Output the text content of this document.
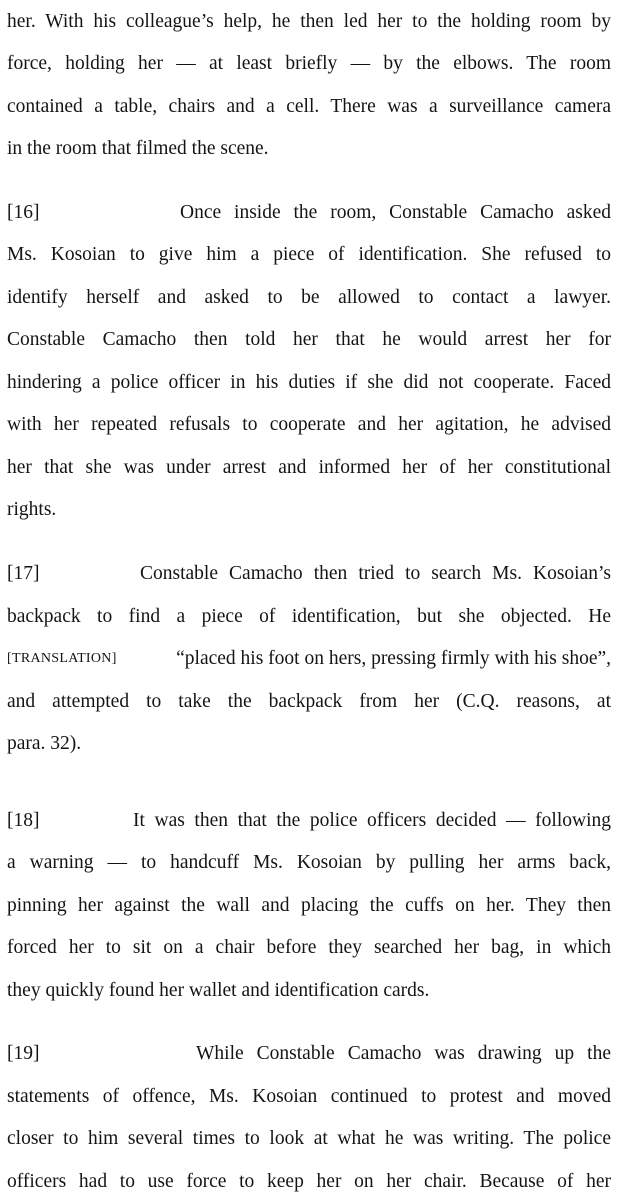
her. With his colleague’s help, he then led her to the holding room by
force, holding her — at least briefly — by the elbows. The room
contained a table, chairs and a cell. There was a surveillance camera
in the room that filmed the scene.
[16]	Once inside the room, Constable Camacho asked
Ms. Kosoian to give him a piece of identification. She refused to
identify herself and asked to be allowed to contact a lawyer.
Constable Camacho then told her that he would arrest her for
hindering a police officer in his duties if she did not cooperate. Faced
with her repeated refusals to cooperate and her agitation, he advised
her that she was under arrest and informed her of her constitutional
rights.
[17]	Constable Camacho then tried to search Ms. Kosoian’s
backpack to find a piece of identification, but she objected. He
[TRANSLATION]	“placed his foot on hers, pressing firmly with his shoe”,
and attempted to take the backpack from her (C.Q. reasons, at
para. 32).
[18]	It was then that the police officers decided — following
a warning — to handcuff Ms. Kosoian by pulling her arms back,
pinning her against the wall and placing the cuffs on her. They then
forced her to sit on a chair before they searched her bag, in which
they quickly found her wallet and identification cards.
[19]	While Constable Camacho was drawing up the
statements of offence, Ms. Kosoian continued to protest and moved
closer to him several times to look at what he was writing. The police
officers had to use force to keep her on her chair. Because of her
